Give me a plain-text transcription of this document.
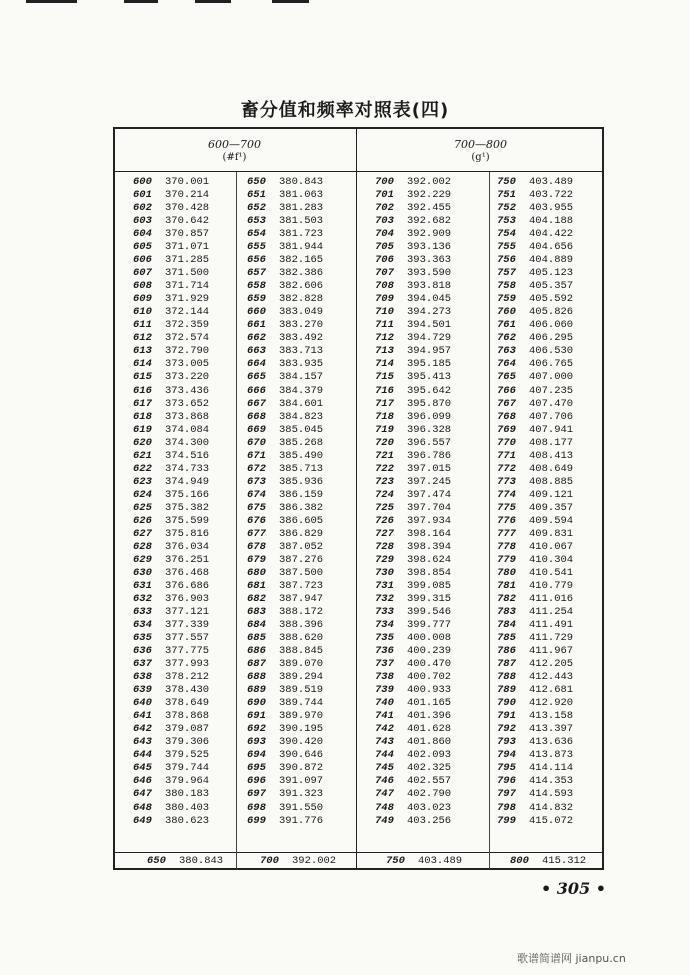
畜分值和频率对照表(四)
600—700
(#f¹)
700—800
(g¹)
600	370.001
601	370.214
602	370.428
603	370.642
604	370.857
605	371.071
606	371.285
607	371.500
608	371.714
609	371.929
610	372.144
611	372.359
612	372.574
613	372.790
614	373.005
615	373.220
616	373.436
617	373.652
618	373.868
619	374.084
620	374.300
621	374.516
622	374.733
623	374.949
624	375.166
625	375.382
626	375.599
627	375.816
628	376.034
629	376.251
630	376.468
631	376.686
632	376.903
633	377.121
634	377.339
635	377.557
636	377.775
637	377.993
638	378.212
639	378.430
640	378.649
641	378.868
642	379.087
643	379.306
644	379.525
645	379.744
646	379.964
647	380.183
648	380.403
649	380.623
650	380.843
651	381.063
652	381.283
653	381.503
654	381.723
655	381.944
656	382.165
657	382.386
658	382.606
659	382.828
660	383.049
661	383.270
662	383.492
663	383.713
664	383.935
665	384.157
666	384.379
667	384.601
668	384.823
669	385.045
670	385.268
671	385.490
672	385.713
673	385.936
674	386.159
675	386.382
676	386.605
677	386.829
678	387.052
679	387.276
680	387.500
681	387.723
682	387.947
683	388.172
684	388.396
685	388.620
686	388.845
687	389.070
688	389.294
689	389.519
690	389.744
691	389.970
692	390.195
693	390.420
694	390.646
695	390.872
696	391.097
697	391.323
698	391.550
699	391.776
700	392.002
701	392.229
702	392.455
703	392.682
704	392.909
705	393.136
706	393.363
707	393.590
708	393.818
709	394.045
710	394.273
711	394.501
712	394.729
713	394.957
714	395.185
715	395.413
716	395.642
717	395.870
718	396.099
719	396.328
720	396.557
721	396.786
722	397.015
723	397.245
724	397.474
725	397.704
726	397.934
727	398.164
728	398.394
729	398.624
730	398.854
731	399.085
732	399.315
733	399.546
734	399.777
735	400.008
736	400.239
737	400.470
738	400.702
739	400.933
740	401.165
741	401.396
742	401.628
743	401.860
744	402.093
745	402.325
746	402.557
747	402.790
748	403.023
749	403.256
750	403.489
751	403.722
752	403.955
753	404.188
754	404.422
755	404.656
756	404.889
757	405.123
758	405.357
759	405.592
760	405.826
761	406.060
762	406.295
763	406.530
764	406.765
765	407.000
766	407.235
767	407.470
768	407.706
769	407.941
770	408.177
771	408.413
772	408.649
773	408.885
774	409.121
775	409.357
776	409.594
777	409.831
778	410.067
779	410.304
780	410.541
781	410.779
782	411.016
783	411.254
784	411.491
785	411.729
786	411.967
787	412.205
788	412.443
789	412.681
790	412.920
791	413.158
792	413.397
793	413.636
794	413.873
795	414.114
796	414.353
797	414.593
798	414.832
799	415.072
650 380.843	700 392.002	750 403.489	800 415.312
• 305 •
歌谱简谱网 jianpu.cn
